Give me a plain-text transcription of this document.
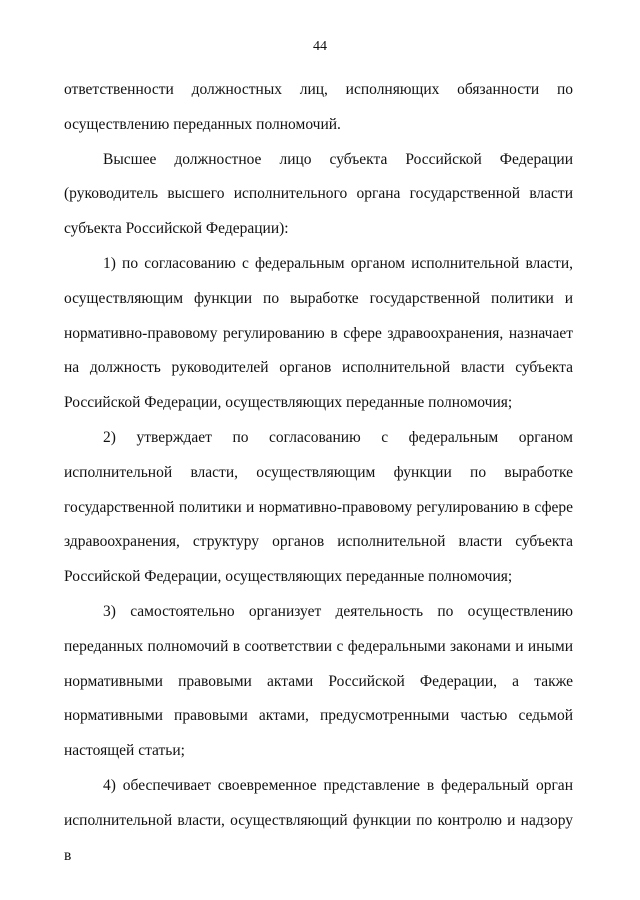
44

ответственности должностных лиц, исполняющих обязанности по осуществлению переданных полномочий.

Высшее должностное лицо субъекта Российской Федерации (руководитель высшего исполнительного органа государственной власти субъекта Российской Федерации):

1) по согласованию с федеральным органом исполнительной власти, осуществляющим функции по выработке государственной политики и нормативно-правовому регулированию в сфере здравоохранения, назначает на должность руководителей органов исполнительной власти субъекта Российской Федерации, осуществляющих переданные полномочия;

2) утверждает по согласованию с федеральным органом исполнительной власти, осуществляющим функции по выработке государственной политики и нормативно-правовому регулированию в сфере здравоохранения, структуру органов исполнительной власти субъекта Российской Федерации, осуществляющих переданные полномочия;

3) самостоятельно организует деятельность по осуществлению переданных полномочий в соответствии с федеральными законами и иными нормативными правовыми актами Российской Федерации, а также нормативными правовыми актами, предусмотренными частью седьмой настоящей статьи;

4) обеспечивает своевременное представление в федеральный орган исполнительной власти, осуществляющий функции по контролю и надзору в
